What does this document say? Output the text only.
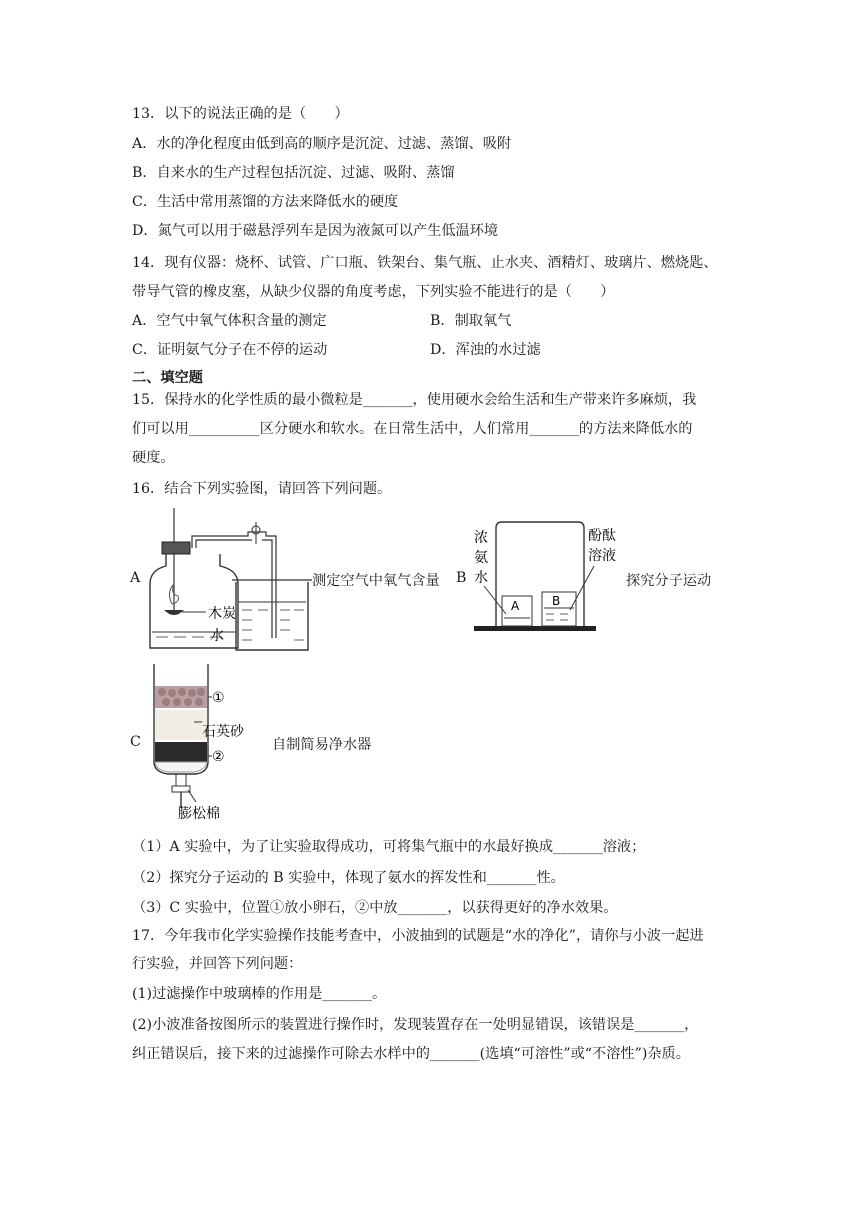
13．以下的说法正确的是（　　）
A．水的净化程度由低到高的顺序是沉淀、过滤、蒸馏、吸附
B．自来水的生产过程包括沉淀、过滤、吸附、蒸馏
C．生活中常用蒸馏的方法来降低水的硬度
D．氮气可以用于磁悬浮列车是因为液氮可以产生低温环境
14．现有仪器：烧杯、试管、广口瓶、铁架台、集气瓶、止水夹、酒精灯、玻璃片、燃烧匙、
带导气管的橡皮塞，从缺少仪器的角度考虑，下列实验不能进行的是（　　）
A．空气中氧气体积含量的测定	B．制取氧气
C．证明氨气分子在不停的运动	D．浑浊的水过滤
二、填空题
15．保持水的化学性质的最小微粒是_______，使用硬水会给生活和生产带来许多麻烦，我
们可以用__________区分硬水和软水。在日常生活中，人们常用_______的方法来降低水的
硬度。
16．结合下列实验图，请回答下列问题。
A
木炭
水
测定空气中氧气含量 B
A	B
浓
氨
水
酚酞
溶液
探究分子运动
C
①
石英砂
②
膨松棉
自制简易净水器
（1）A 实验中，为了让实验取得成功，可将集气瓶中的水最好换成_______溶液；
（2）探究分子运动的 B 实验中，体现了氨水的挥发性和_______性。
（3）C 实验中，位置①放小卵石，②中放_______，以获得更好的净水效果。
17．今年我市化学实验操作技能考查中，小波抽到的试题是“水的净化”，请你与小波一起进
行实验，并回答下列问题：
(1)过滤操作中玻璃棒的作用是_______。
(2)小波准备按图所示的装置进行操作时，发现装置存在一处明显错误，该错误是_______，
纠正错误后，接下来的过滤操作可除去水样中的_______(选填“可溶性”或“不溶性”)杂质。
